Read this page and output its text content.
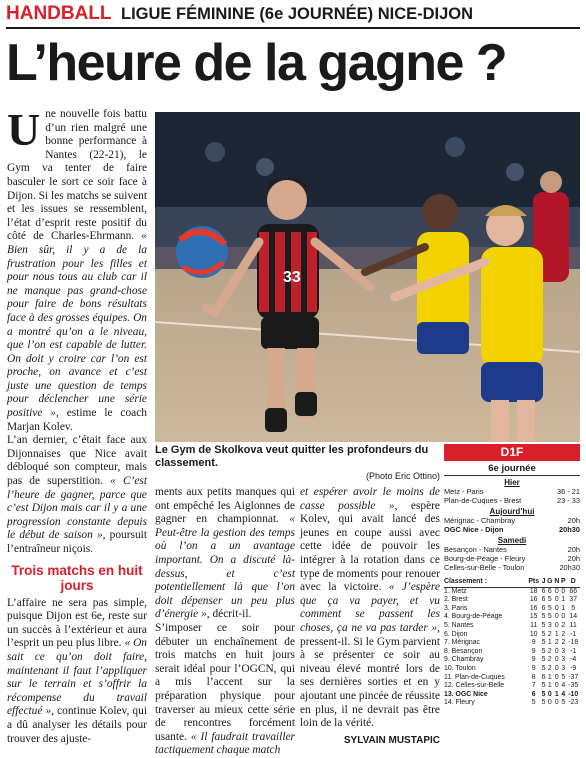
HANDBALL LIGUE FÉMININE (6e JOURNÉE) NICE-DIJON
L’heure de la gagne ?

Une nouvelle fois battu d’un rien malgré une bonne performance à Nantes (22-21), le Gym va tenter de faire basculer le sort ce soir face à Dijon. Si les matchs se suivent et les issues se ressemblent, l’état d’esprit reste positif du côté de Charles-Ehrmann. « Bien sûr, il y a de la frustration pour les filles et pour nous tous au club car il ne manque pas grand-chose pour faire de bons résultats face à des grosses équipes. On a montré qu’on a le niveau, que l’on est capable de lutter. On doit y croire car l’on est proche, on avance et c’est juste une question de temps pour déclencher une série positive », estime le coach Marjan Kolev.

L’an dernier, c’était face aux Dijonnaises que Nice avait débloqué son compteur, mais pas de superstition. « C’est l’heure de gagner, parce que c’est Dijon mais car il y a une progression constante depuis le début de saison », poursuit l’entraîneur niçois.

Trois matchs en huit jours

L’affaire ne sera pas simple, puisque Dijon est 6e, reste sur un succès à l’extérieur et aura l’esprit un peu plus libre. « On sait ce qu’on doit faire, maintenant il faut l’appliquer sur le terrain et s’offrir la récompense du travail effectué », continue Kolev, qui a dû analyser les détails pour trouver des ajuste-

33
Le Gym de Skolkova veut quitter les profondeurs du classement.
(Photo Eric Ottino)

ments aux petits manques qui ont empêché les Aiglonnes de gagner en championnat. « Peut-être la gestion des temps où l’on a un avantage important. On a discuté là-dessus, et c’est potentiellement là que l’on doit dépenser un peu plus d’énergie », décrit-il.

S’imposer ce soir pour débuter un enchaînement de trois matchs en huit jours serait idéal pour l’OGCN, qui a mis l’accent sur la préparation physique pour traverser au mieux cette série de rencontres forcément usante. « Il faudrait travailler tactiquement chaque match

et espérer avoir le moins de casse possible », espère Kolev, qui avait lancé des jeunes en coupe aussi avec cette idée de pouvoir les intégrer à la rotation dans ce type de moments pour renouer avec la victoire. « J’espère que ça va payer, et vu comment se passent les choses, ça ne va pas tarder », pressent-il. Si le Gym parvient à se présenter ce soir au niveau élevé montré lors de ses dernières sorties et en y ajoutant une pincée de réussite en plus, il ne devrait pas être loin de la vérité.

SYLVAIN MUSTAPIC
D1F
6e journée
Hier
Metz - Paris	36 - 21
Plan-de-Cuques - Brest	23 - 33
Aujourd’hui
Mérignac - Chambray	20h
OGC Nice - Dijon	20h30
Samedi
Besançon - Nantes	20h
Bourg-de-Péage - Fleury	20h
Celles-sur-Belle - Toulon	20h30
Classement :	Pts	J	G	N	P	D
1. Metz	18	6	6	0	0	66
2. Brest	16	6	5	0	1	37
3. Paris	16	6	5	0	1	5
4. Bourg-de-Péage	15	5	5	0	0	14
5. Nantes	11	5	3	0	2	11
6. Dijon	10	5	2	1	2	-1
7. Mérignac	9	5	1	2	2	-18
8. Besançon	9	5	2	0	3	-1
9. Chambray	9	5	2	0	3	-4
10. Toulon	9	5	2	0	3	-9
11. Plan-de-Cuques	8	6	1	0	5	-37
12. Celles-sur-Belle	7	5	1	0	4	-35
13. OGC Nice	6	5	0	1	4	-10
14. Fleury	5	5	0	0	5	-23
